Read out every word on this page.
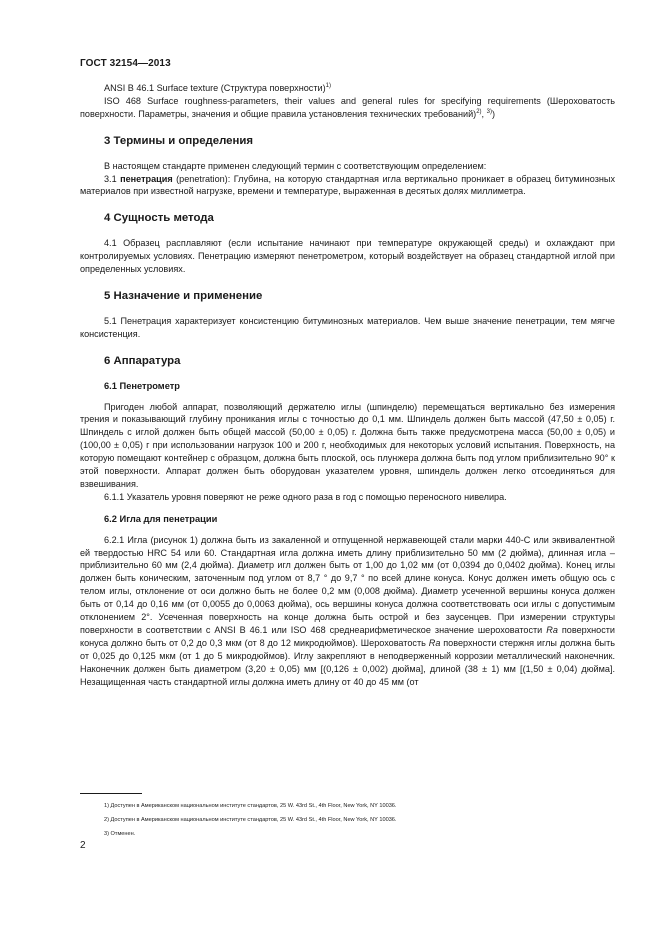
ГОСТ 32154—2013

ANSI B 46.1 Surface texture (Структура поверхности)$^{1)}$

ISO 468 Surface roughness-parameters, their values and general rules for specifying requirements (Шероховатость поверхности. Параметры, значения и общие правила установления технических требований)$^{2)}$, $^{3)}$)

3 Термины и определения

В настоящем стандарте применен следующий термин с соответствующим определением:

3.1 пенетрация (penetration): Глубина, на которую стандартная игла вертикально проникает в образец битуминозных материалов при известной нагрузке, времени и температуре, выраженная в десятых долях миллиметра.

4 Сущность метода

4.1 Образец расплавляют (если испытание начинают при температуре окружающей среды) и охлаждают при контролируемых условиях. Пенетрацию измеряют пенетрометром, который воздействует на образец стандартной иглой при определенных условиях.

5 Назначение и применение

5.1 Пенетрация характеризует консистенцию битуминозных материалов. Чем выше значение пенетрации, тем мягче консистенция.

6 Аппаратура
6.1 Пенетрометр

Пригоден любой аппарат, позволяющий держателю иглы (шпинделю) перемещаться вертикально без измерения трения и показывающий глубину проникания иглы с точностью до 0,1 мм. Шпиндель должен быть массой (47,50 ± 0,05) г. Шпиндель с иглой должен быть общей массой (50,00 ± 0,05) г. Должна быть также предусмотрена масса (50,00 ± 0,05) и (100,00 ± 0,05) г при использовании нагрузок 100 и 200 г, необходимых для некоторых условий испытания. Поверхность, на которую помещают контейнер с образцом, должна быть плоской, ось плунжера должна быть под углом приблизительно 90° к этой поверхности. Аппарат должен быть оборудован указателем уровня, шпиндель должен легко отсоединяться для взвешивания.

6.1.1 Указатель уровня поверяют не реже одного раза в год с помощью переносного нивелира.

6.2 Игла для пенетрации

6.2.1 Игла (рисунок 1) должна быть из закаленной и отпущенной нержавеющей стали марки 440-С или эквивалентной ей твердостью HRC 54 или 60. Стандартная игла должна иметь длину приблизительно 50 мм (2 дюйма), длинная игла – приблизительно 60 мм (2,4 дюйма). Диаметр игл должен быть от 1,00 до 1,02 мм (от 0,0394 до 0,0402 дюйма). Конец иглы должен быть коническим, заточенным под углом от 8,7 ° до 9,7 ° по всей длине конуса. Конус должен иметь общую ось с телом иглы, отклонение от оси должно быть не более 0,2 мм (0,008 дюйма). Диаметр усеченной вершины конуса должен быть от 0,14 до 0,16 мм (от 0,0055 до 0,0063 дюйма), ось вершины конуса должна соответствовать оси иглы с допустимым отклонением 2°. Усеченная поверхность на конце должна быть острой и без заусенцев. При измерении структуры поверхности в соответствии с ANSI B 46.1 или ISO 468 среднеарифметическое значение шероховатости Ra поверхности конуса должно быть от 0,2 до 0,3 мкм (от 8 до 12 микродюймов). Шероховатость Ra поверхности стержня иглы должна быть от 0,025 до 0,125 мкм (от 1 до 5 микродюймов). Иглу закрепляют в неподверженный коррозии металлический наконечник. Наконечник должен быть диаметром (3,20 ± 0,05) мм [(0,126 ± 0,002) дюйма], длиной (38 ± 1) мм [(1,50 ± 0,04) дюйма]. Незащищенная часть стандартной иглы должна иметь длину от 40 до 45 мм (от

1) Доступен в Американском национальном институте стандартов, 25 W. 43rd St., 4th Floor, New York, NY 10036.
2) Доступен в Американском национальном институте стандартов, 25 W. 43rd St., 4th Floor, New York, NY 10036.
3) Отменен.
2
